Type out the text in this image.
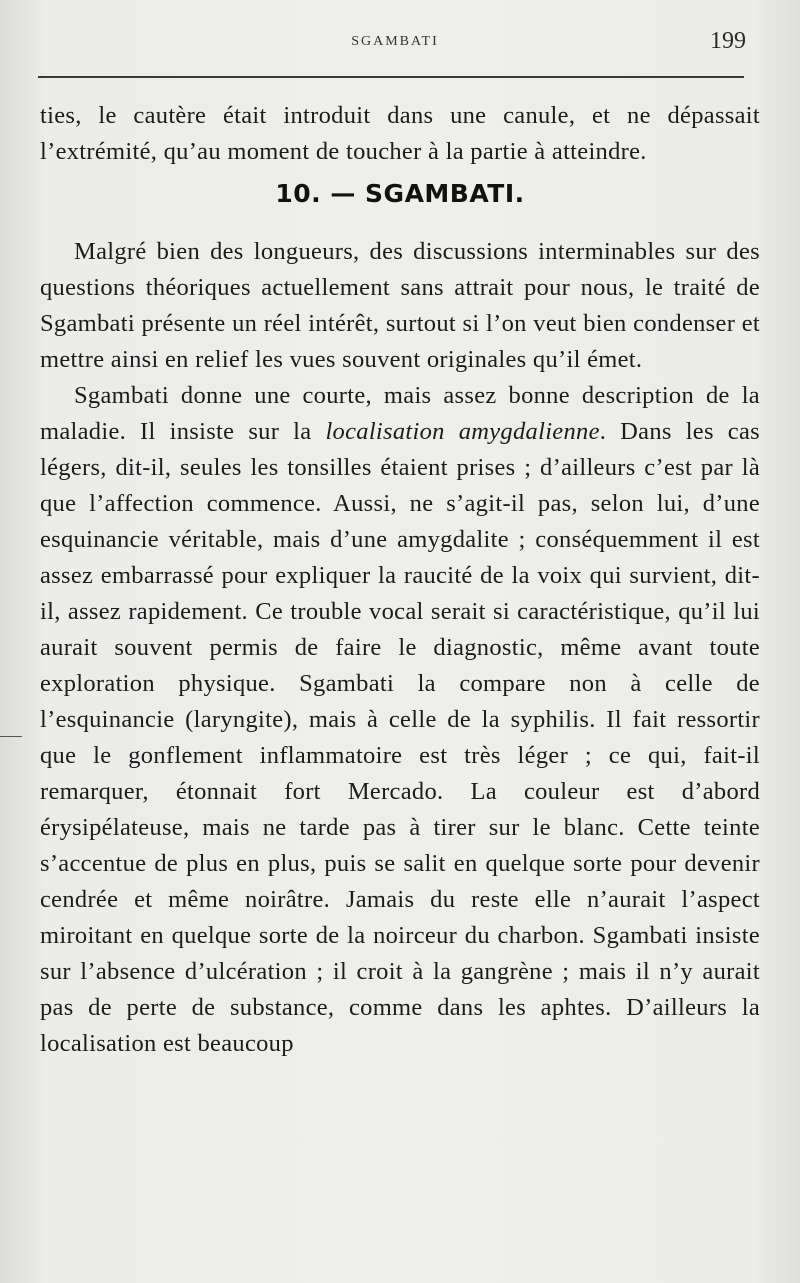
SGAMBATI	199

ties, le cautère était introduit dans une canule, et ne dépassait l’extrémité, qu’au moment de toucher à la partie à atteindre.

10. — SGAMBATI.

Malgré bien des longueurs, des discussions interminables sur des questions théoriques actuellement sans attrait pour nous, le traité de Sgambati présente un réel intérêt, surtout si l’on veut bien condenser et mettre ainsi en relief les vues souvent originales qu’il émet.

Sgambati donne une courte, mais assez bonne description de la maladie. Il insiste sur la localisation amygdalienne. Dans les cas légers, dit-il, seules les tonsilles étaient prises ; d’ailleurs c’est par là que l’affection commence. Aussi, ne s’agit-il pas, selon lui, d’une esquinancie véritable, mais d’une amygdalite ; conséquemment il est assez embarrassé pour expliquer la raucité de la voix qui survient, dit-il, assez rapidement. Ce trouble vocal serait si caractéristique, qu’il lui aurait souvent permis de faire le diagnostic, même avant toute exploration physique. Sgambati la compare non à celle de l’esquinancie (laryngite), mais à celle de la syphilis. Il fait ressortir que le gonflement inflammatoire est très léger ; ce qui, fait-il remarquer, étonnait fort Mercado. La couleur est d’abord érysipélateuse, mais ne tarde pas à tirer sur le blanc. Cette teinte s’accentue de plus en plus, puis se salit en quelque sorte pour devenir cendrée et même noirâtre. Jamais du reste elle n’aurait l’aspect miroitant en quelque sorte de la noirceur du charbon. Sgambati insiste sur l’absence d’ulcération ; il croit à la gangrène ; mais il n’y aurait pas de perte de substance, comme dans les aphtes. D’ailleurs la localisation est beaucoup
